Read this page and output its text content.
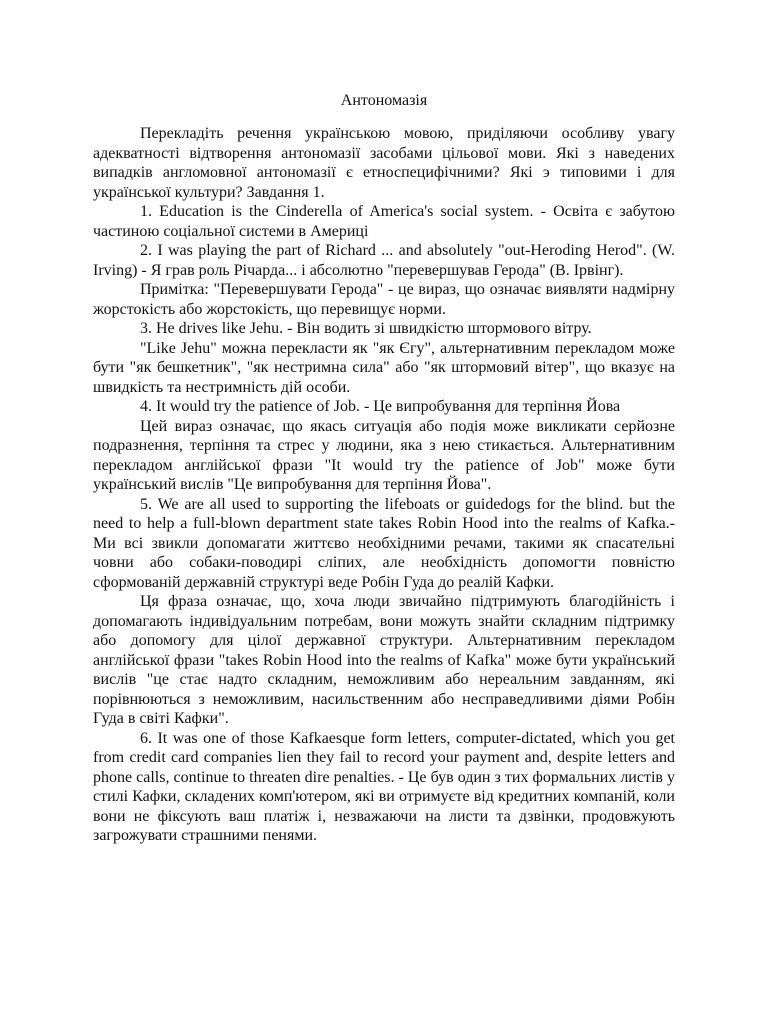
Антономазія

Перекладіть речення українською мовою, приділяючи особливу увагу адекватності відтворення антономазії засобами цільової мови. Які з наведених випадків англомовної антономазії є етноспецифічними? Які э типовими і для української культури? Завдання 1.

1. Education is the Cinderella of America's social system. - Освіта є забутою частиною соціальної системи в Америці

2. I was playing the part of Richard ... and absolutely "out-Heroding Herod". (W. Irving) - Я грав роль Річарда... і абсолютно "перевершував Герода" (В. Ірвінг).

Примітка: "Перевершувати Герода" - це вираз, що означає виявляти надмірну жорстокість або жорстокість, що перевищує норми.

3. He drives like Jehu. - Він водить зі швидкістю штормового вітру.

"Like Jehu" можна перекласти як "як Єгу", альтернативним перекладом може бути "як бешкетник", "як нестримна сила" або "як штормовий вітер", що вказує на швидкість та нестримність дій особи.

4. It would try the patience of Job. - Це випробування для терпіння Йова

Цей вираз означає, що якась ситуація або подія може викликати серйозне подразнення, терпіння та стрес у людини, яка з нею стикається. Альтернативним перекладом англійської фрази "It would try the patience of Job" може бути український вислів "Це випробування для терпіння Йова".

5. We are all used to supporting the lifeboats or guidedogs for the blind. but the need to help a full-blown department state takes Robin Hood into the realms of Kafka.- Ми всі звикли допомагати життєво необхідними речами, такими як спасательні човни або собаки-поводирі сліпих, але необхідність допомогти повністю сформованій державній структурі веде Робін Гуда до реалій Кафки.

Ця фраза означає, що, хоча люди звичайно підтримують благодійність і допомагають індивідуальним потребам, вони можуть знайти складним підтримку або допомогу для цілої державної структури. Альтернативним перекладом англійської фрази "takes Robin Hood into the realms of Kafka" може бути український вислів "це стає надто складним, неможливим або нереальним завданням, які порівнюються з неможливим, насильственним або несправедливими діями Робін Гуда в світі Кафки".

6. It was one of those Kafkaesque form letters, computer-dictated, which you get from credit card companies lien they fail to record your payment and, despite letters and phone calls, continue to threaten dire penalties. - Це був один з тих формальних листів у стилі Кафки, складених комп'ютером, які ви отримуєте від кредитних компаній, коли вони не фіксують ваш платіж і, незважаючи на листи та дзвінки, продовжують загрожувати страшними пенями.
